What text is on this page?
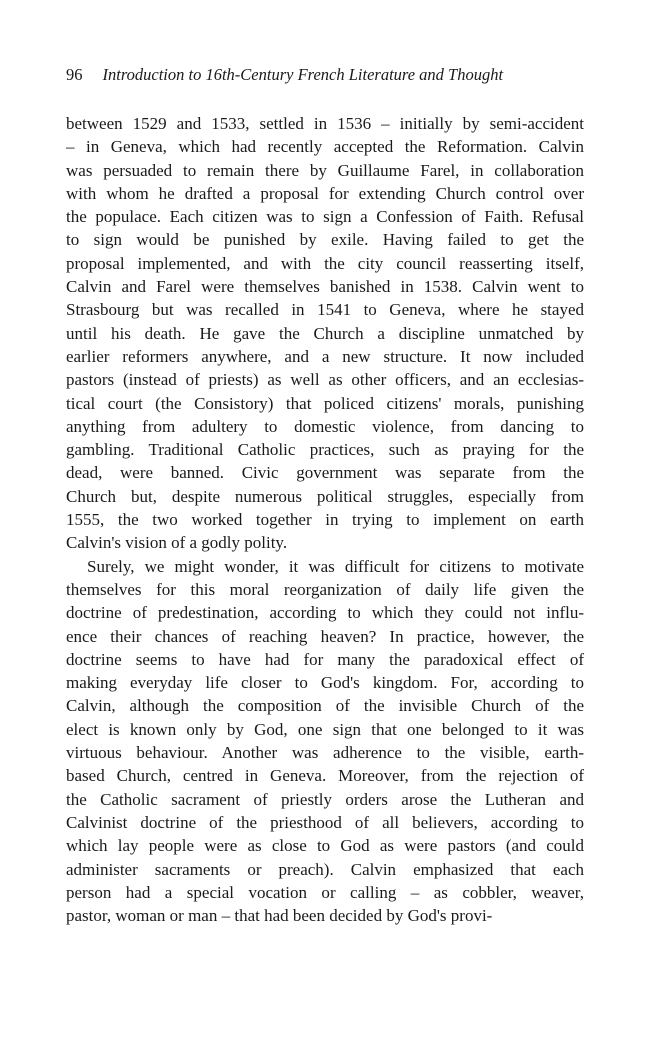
96 Introduction to 16th-Century French Literature and Thought
between 1529 and 1533, settled in 1536 – initially by semi-accident
– in Geneva, which had recently accepted the Reformation. Calvin
was persuaded to remain there by Guillaume Farel, in collaboration
with whom he drafted a proposal for extending Church control over
the populace. Each citizen was to sign a Confession of Faith. Refusal
to sign would be punished by exile. Having failed to get the
proposal implemented, and with the city council reasserting itself,
Calvin and Farel were themselves banished in 1538. Calvin went to
Strasbourg but was recalled in 1541 to Geneva, where he stayed
until his death. He gave the Church a discipline unmatched by
earlier reformers anywhere, and a new structure. It now included
pastors (instead of priests) as well as other officers, and an ecclesias-
tical court (the Consistory) that policed citizens' morals, punishing
anything from adultery to domestic violence, from dancing to
gambling. Traditional Catholic practices, such as praying for the
dead, were banned. Civic government was separate from the
Church but, despite numerous political struggles, especially from
1555, the two worked together in trying to implement on earth
Calvin's vision of a godly polity.
Surely, we might wonder, it was difficult for citizens to motivate
themselves for this moral reorganization of daily life given the
doctrine of predestination, according to which they could not influ-
ence their chances of reaching heaven? In practice, however, the
doctrine seems to have had for many the paradoxical effect of
making everyday life closer to God's kingdom. For, according to
Calvin, although the composition of the invisible Church of the
elect is known only by God, one sign that one belonged to it was
virtuous behaviour. Another was adherence to the visible, earth-
based Church, centred in Geneva. Moreover, from the rejection of
the Catholic sacrament of priestly orders arose the Lutheran and
Calvinist doctrine of the priesthood of all believers, according to
which lay people were as close to God as were pastors (and could
administer sacraments or preach). Calvin emphasized that each
person had a special vocation or calling – as cobbler, weaver,
pastor, woman or man – that had been decided by God's provi-
